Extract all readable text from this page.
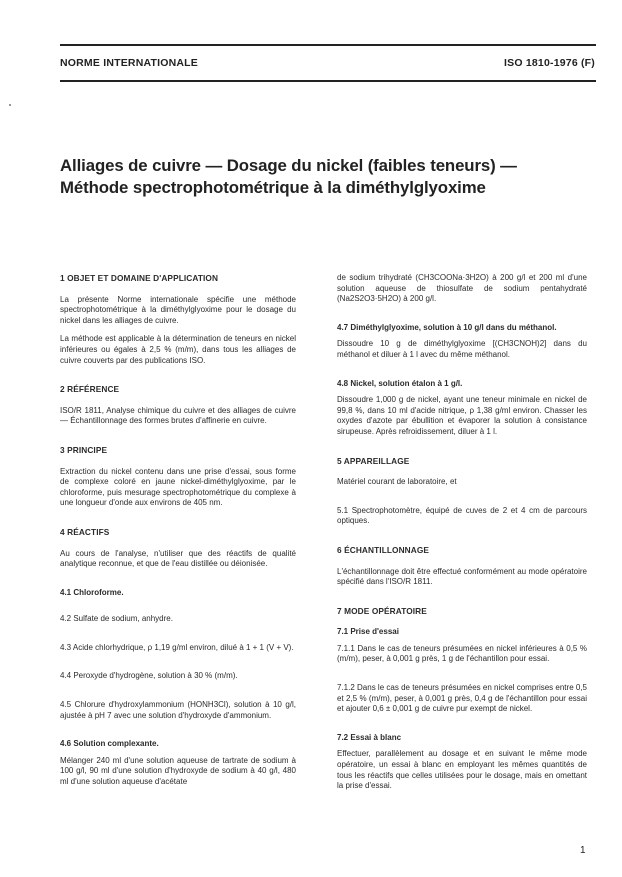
NORME INTERNATIONALE	ISO 1810-1976 (F)
Alliages de cuivre — Dosage du nickel (faibles teneurs) —
Méthode spectrophotométrique à la diméthylglyoxime
1 OBJET ET DOMAINE D'APPLICATION
La présente Norme internationale spécifie une méthode spectrophotométrique à la diméthylglyoxime pour le dosage du nickel dans les alliages de cuivre.
La méthode est applicable à la détermination de teneurs en nickel inférieures ou égales à 2,5 % (m/m), dans tous les alliages de cuivre couverts par des publications ISO.
2 RÉFÉRENCE
ISO/R 1811, Analyse chimique du cuivre et des alliages de cuivre — Échantillonnage des formes brutes d'affinerie en cuivre.
3 PRINCIPE
Extraction du nickel contenu dans une prise d'essai, sous forme de complexe coloré en jaune nickel-diméthylglyoxime, par le chloroforme, puis mesurage spectrophotométrique du complexe à une longueur d'onde aux environs de 405 nm.
4 RÉACTIFS
Au cours de l'analyse, n'utiliser que des réactifs de qualité analytique reconnue, et que de l'eau distillée ou déionisée.
4.1 Chloroforme.
4.2 Sulfate de sodium, anhydre.
4.3 Acide chlorhydrique, ρ 1,19 g/ml environ, dilué à 1 + 1 (V + V).
4.4 Peroxyde d'hydrogène, solution à 30 % (m/m).
4.5 Chlorure d'hydroxylammonium (HONH3Cl), solution à 10 g/l, ajustée à pH 7 avec une solution d'hydroxyde d'ammonium.
4.6 Solution complexante.
Mélanger 240 ml d'une solution aqueuse de tartrate de sodium à 100 g/l, 90 ml d'une solution d'hydroxyde de sodium à 40 g/l, 480 ml d'une solution aqueuse d'acétate
de sodium trihydraté (CH3COONa·3H2O) à 200 g/l et 200 ml d'une solution aqueuse de thiosulfate de sodium pentahydraté (Na2S2O3·5H2O) à 200 g/l.
4.7 Diméthylglyoxime, solution à 10 g/l dans du méthanol.
Dissoudre 10 g de diméthylglyoxime [(CH3CNOH)2] dans du méthanol et diluer à 1 l avec du même méthanol.
4.8 Nickel, solution étalon à 1 g/l.
Dissoudre 1,000 g de nickel, ayant une teneur minimale en nickel de 99,8 %, dans 10 ml d'acide nitrique, ρ 1,38 g/ml environ. Chasser les oxydes d'azote par ébullition et évaporer la solution à consistance sirupeuse. Après refroidissement, diluer à 1 l.
5 APPAREILLAGE
Matériel courant de laboratoire, et
5.1 Spectrophotomètre, équipé de cuves de 2 et 4 cm de parcours optiques.
6 ÉCHANTILLONNAGE
L'échantillonnage doit être effectué conformément au mode opératoire spécifié dans l'ISO/R 1811.
7 MODE OPÉRATOIRE
7.1 Prise d'essai
7.1.1 Dans le cas de teneurs présumées en nickel inférieures à 0,5 % (m/m), peser, à 0,001 g près, 1 g de l'échantillon pour essai.
7.1.2 Dans le cas de teneurs présumées en nickel comprises entre 0,5 et 2,5 % (m/m), peser, à 0,001 g près, 0,4 g de l'échantillon pour essai et ajouter 0,6 ± 0,001 g de cuivre pur exempt de nickel.
7.2 Essai à blanc
Effectuer, parallèlement au dosage et en suivant le même mode opératoire, un essai à blanc en employant les mêmes quantités de tous les réactifs que celles utilisées pour le dosage, mais en omettant la prise d'essai.
1
